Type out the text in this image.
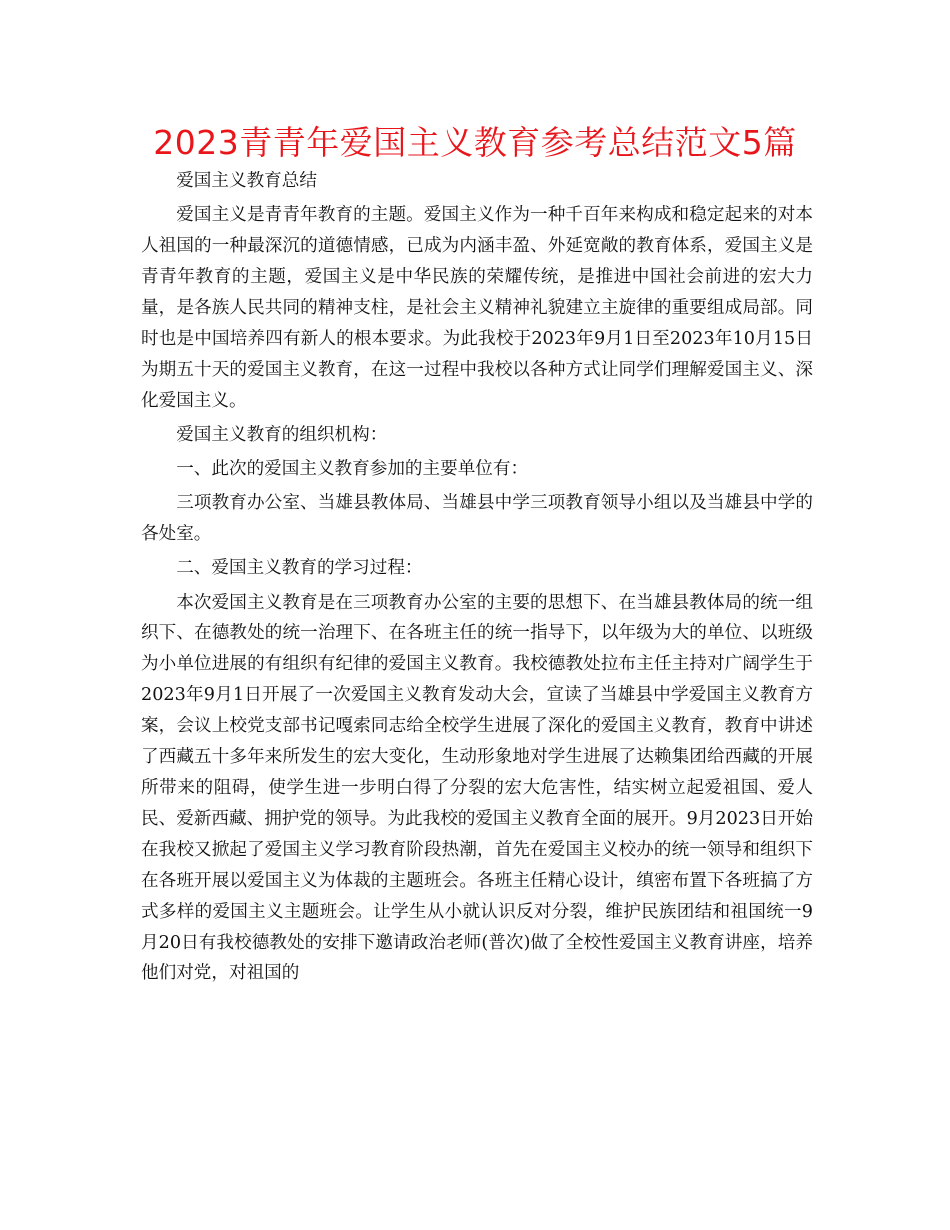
2023青青年爱国主义教育参考总结范文5篇

爱国主义教育总结

爱国主义是青青年教育的主题。爱国主义作为一种千百年来构成和稳定起来的对本人祖国的一种最深沉的道德情感，已成为内涵丰盈、外延宽敞的教育体系，爱国主义是青青年教育的主题，爱国主义是中华民族的荣耀传统，是推进中国社会前进的宏大力量，是各族人民共同的精神支柱，是社会主义精神礼貌建立主旋律的重要组成局部。同时也是中国培养四有新人的根本要求。为此我校于2023年9月1日至2023年10月15日为期五十天的爱国主义教育，在这一过程中我校以各种方式让同学们理解爱国主义、深化爱国主义。

爱国主义教育的组织机构：

一、此次的爱国主义教育参加的主要单位有：

三项教育办公室、当雄县教体局、当雄县中学三项教育领导小组以及当雄县中学的各处室。

二、爱国主义教育的学习过程：

本次爱国主义教育是在三项教育办公室的主要的思想下、在当雄县教体局的统一组织下、在德教处的统一治理下、在各班主任的统一指导下，以年级为大的单位、以班级为小单位进展的有组织有纪律的爱国主义教育。我校德教处拉布主任主持对广阔学生于2023年9月1日开展了一次爱国主义教育发动大会，宣读了当雄县中学爱国主义教育方案，会议上校党支部书记嘎索同志给全校学生进展了深化的爱国主义教育，教育中讲述了西藏五十多年来所发生的宏大变化，生动形象地对学生进展了达赖集团给西藏的开展所带来的阻碍，使学生进一步明白得了分裂的宏大危害性，结实树立起爱祖国、爱人民、爱新西藏、拥护党的领导。为此我校的爱国主义教育全面的展开。9月2023日开始在我校又掀起了爱国主义学习教育阶段热潮，首先在爱国主义校办的统一领导和组织下在各班开展以爱国主义为体裁的主题班会。各班主任精心设计，缜密布置下各班搞了方式多样的爱国主义主题班会。让学生从小就认识反对分裂，维护民族团结和祖国统一9月20日有我校德教处的安排下邀请政治老师(普次)做了全校性爱国主义教育讲座，培养他们对党，对祖国的
